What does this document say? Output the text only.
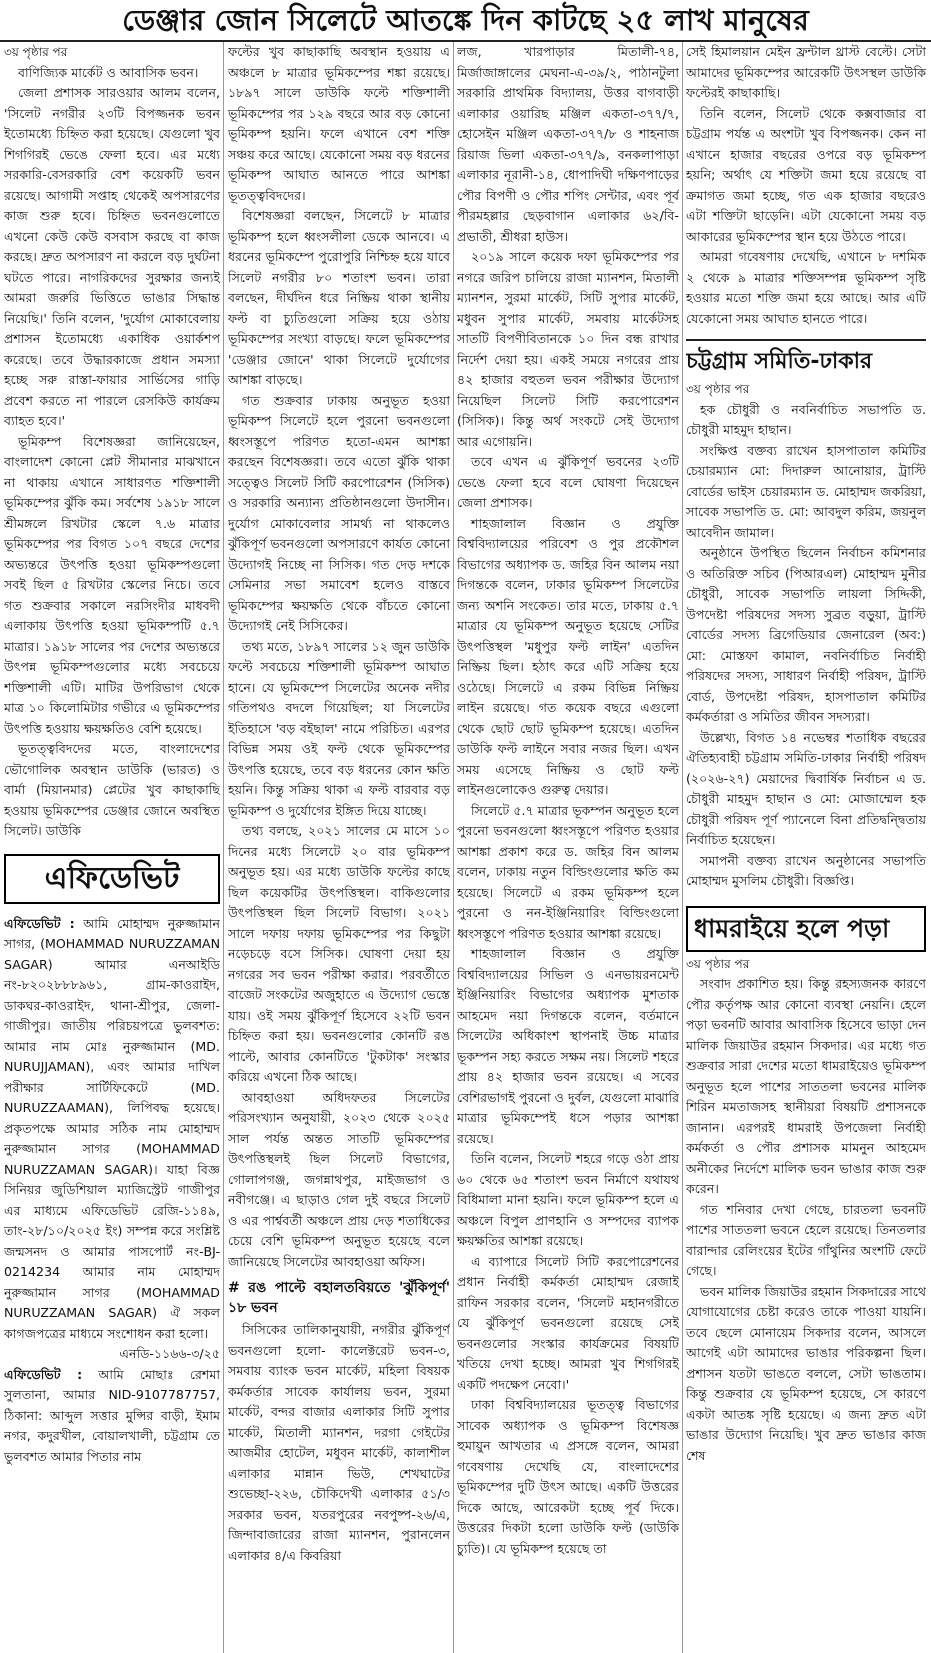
ডেঞ্জার জোন সিলেটে আতঙ্কে দিন কাটছে ২৫ লাখ মানুষের

৩য় পৃষ্ঠার পর

বাণিজ্যিক মার্কেট ও আবাসিক ভবন।

জেলা প্রশাসক সারওয়ার আলম বলেন, 'সিলেট নগরীর ২৩টি বিপজ্জনক ভবন ইতোমধ্যে চিহ্নিত করা হয়েছে। যেগুলো খুব শিগগিরই ভেঙে ফেলা হবে। এর মধ্যে সরকারি-বেসরকারি বেশ কয়েকটি ভবন রয়েছে। আগামী সপ্তাহ থেকেই অপসারণের কাজ শুরু হবে। চিহ্নিত ভবনগুলোতে এখনো কেউ কেউ বসবাস করছে বা কাজ করছে। দ্রুত অপসারণ না করলে বড় দুর্ঘটনা ঘটতে পারে। নাগরিকদের সুরক্ষার জন্যই আমরা জরুরি ভিত্তিতে ভাঙার সিদ্ধান্ত নিয়েছি।' তিনি বলেন, 'দুর্যোগ মোকাবেলায় প্রশাসন ইতোমধ্যে একাধিক ওয়ার্কশপ করেছে। তবে উদ্ধারকাজে প্রধান সমস্যা হচ্ছে সরু রাস্তা-ফায়ার সার্ভিসের গাড়ি প্রবেশ করতে না পারলে রেসকিউ কার্যক্রম ব্যাহত হবে।'

ভূমিকম্প বিশেষজ্ঞরা জানিয়েছেন, বাংলাদেশ কোনো প্লেট সীমানার মাঝখানে না থাকায় এখানে সাধারণত শক্তিশালী ভূমিকম্পের ঝুঁকি কম। সর্বশেষ ১৯১৮ সালে শ্রীমঙ্গলে রিখটার স্কেলে ৭.৬ মাত্রার ভূমিকম্পের পর বিগত ১০৭ বছরে দেশের অভ্যন্তরে উৎপত্তি হওয়া ভূমিকম্পগুলো সবই ছিল ৫ রিখটার স্কেলের নিচে। তবে গত শুক্রবার সকালে নরসিংদীর মাধবদী এলাকায় উৎপত্তি হওয়া ভূমিকম্পটি ৫.৭ মাত্রার। ১৯১৮ সালের পর দেশের অভ্যন্তরে উৎপন্ন ভূমিকম্পগুলোর মধ্যে সবচেয়ে শক্তিশালী এটি। মাটির উপরিভাগ থেকে মাত্র ১০ কিলোমিটার গভীরে এ ভূমিকম্পের উৎপত্তি হওয়ায় ক্ষয়ক্ষতিও বেশি হয়েছে।

ভূতত্ত্ববিদদের মতে, বাংলাদেশের ভৌগোলিক অবস্থান ডাউকি (ভারত) ও বার্মা (মিয়ানমার) প্লেটের খুব কাছাকাছি হওয়ায় ভূমিকম্পের ডেঞ্জার জোনে অবস্থিত সিলেট। ডাউকি

এফিডেভিট

এফিডেভিট : আমি মোহাম্মদ নুরুজ্জামান সাগর, (MOHAMMAD NURUZZAMAN SAGAR) আমার এনআইডি নং-৮২০২৮৮৮৯৬১, গ্রাম-কাওরাইদ, ডাকঘর-কাওরাইদ, থানা-শ্রীপুর, জেলা-গাজীপুর। জাতীয় পরিচয়পত্রে ভুলবশত: আমার নাম মোঃ নুরুজ্জামান (MD. NURUJJAMAN), এবং আমার দাখিল পরীক্ষার সার্টিফিকেটে (MD. NURUZZAAMAN), লিপিবদ্ধ হয়েছে। প্রকৃতপক্ষে আমার সঠিক নাম মোহাম্মদ নুরুজ্জামান সাগর (MOHAMMAD NURUZZAMAN SAGAR)। যাহা বিজ্ঞ সিনিয়র জুডিশিয়াল ম্যাজিস্ট্রেট গাজীপুর এর মাধ্যমে এফিডেভিট রেজি-১১৪৯, তাং-২৮/১০/২০২৫ ইং) সম্পন্ন করে সংশ্লিষ্ট জন্মসনদ ও আমার পাসপোর্ট নং-BJ-0214234 আমার নাম মোহাম্মদ নুরুজ্জামান সাগর (MOHAMMAD NURUZZAMAN SAGAR) ঐ সকল কাগজপত্রের মাধ্যমে সংশোধন করা হলো।

এনডি-১১৬৬-৩/২৫

এফিডেভিট : আমি মোছাঃ রেশমা সুলতানা, আমার NID-9107787757, ঠিকানা: আব্দুল সত্তার মুন্সির বাড়ী, ইমাম নগর, কদুরখীল, বোয়ালখালী, চট্টগ্রাম তে ভুলবশত আমার পিতার নাম

ফল্টের খুব কাছাকাছি অবস্থান হওয়ায় এ অঞ্চলে ৮ মাত্রার ভূমিকম্পের শঙ্কা রয়েছে। ১৮৯৭ সালে ডাউকি ফল্টে শক্তিশালী ভূমিকম্পের পর ১২৯ বছরে আর বড় কোনো ভূমিকম্প হয়নি। ফলে এখানে বেশ শক্তি সঞ্চয় করে আছে। যেকোনো সময় বড় ধরনের ভূমিকম্প আঘাত আনতে পারে আশঙ্কা ভূতত্ত্ববিদদের।

বিশেষজ্ঞরা বলছেন, সিলেটে ৮ মাত্রার ভূমিকম্প হলে ধ্বংসলীলা ডেকে আনবে। এ ধরনের ভূমিকম্পে পুরোপুরি নিশ্চিহ্ন হয়ে যাবে সিলেট নগরীর ৮০ শতাংশ ভবন। তারা বলছেন, দীর্ঘদিন ধরে নিষ্ক্রিয় থাকা স্থানীয় ফল্ট বা চ্যুতিগুলো সক্রিয় হয়ে ওঠায় ভূমিকম্পের সংখ্যা বাড়ছে। ফলে ভূমিকম্পের 'ডেঞ্জার জোনে' থাকা সিলেটে দুর্যোগের আশঙ্কা বাড়ছে।

গত শুক্রবার ঢাকায় অনুভূত হওয়া ভূমিকম্প সিলেটে হলে পুরনো ভবনগুলো ধ্বংসস্তূপে পরিণত হতো-এমন আশঙ্কা করছেন বিশেষজ্ঞরা। তবে এতো ঝুঁকি থাকা সত্ত্বেও সিলেট সিটি করপোরেশন (সিসিক) ও সরকারি অন্যান্য প্রতিষ্ঠানগুলো উদাসীন। দুর্যোগ মোকাবেলার সামর্থ্য না থাকলেও ঝুঁকিপূর্ণ ভবনগুলো অপসারণে কার্যত কোনো উদ্যোগই নিচ্ছে না সিসিক। গত দেড় দশকে সেমিনার সভা সমাবেশ হলেও বাস্তবে ভূমিকম্পের ক্ষয়ক্ষতি থেকে বাঁচতে কোনো উদ্যোগই নেই সিসিকের।

তথ্য মতে, ১৮৯৭ সালের ১২ জুন ডাউকি ফল্টে সবচেয়ে শক্তিশালী ভূমিকম্প আঘাত হানে। যে ভূমিকম্পে সিলেটের অনেক নদীর গতিপথও বদলে গিয়েছিল; যা সিলেটের ইতিহাসে 'বড় বইছাল' নামে পরিচিত। এরপর বিভিন্ন সময় ওই ফল্ট থেকে ভূমিকম্পের উৎপত্তি হয়েছে, তবে বড় ধরনের কোন ক্ষতি হয়নি। কিন্তু সক্রিয় থাকা এ ফল্ট বারবার বড় ভূমিকম্প ও দুর্যোগের ইঙ্গিত দিয়ে যাচ্ছে।

তথ্য বলছে, ২০২১ সালের মে মাসে ১০ দিনের মধ্যে সিলেটে ২০ বার ভূমিকম্প অনুভূত হয়। এর মধ্যে ডাউকি ফল্টের কাছে ছিল কয়েকটির উৎপত্তিস্থল। বাকিগুলোর উৎপত্তিস্থল ছিল সিলেট বিভাগ। ২০২১ সালে দফায় দফায় ভূমিকম্পের পর কিছুটা নড়েচড়ে বসে সিসিক। ঘোষণা দেয়া হয় নগরের সব ভবন পরীক্ষা করার। পরবর্তীতে বাজেট সংকটের অজুহাতে এ উদ্যোগ ভেস্তে যায়। ওই সময় ঝুঁকিপূর্ণ হিসেবে ২২টি ভবন চিহ্নিত করা হয়। ভবনগুলোর কোনটি রঙ পাল্টে, আবার কোনটিতে 'টুকটাক' সংস্কার করিয়ে এখনো ঠিক আছে।

আবহাওয়া অধিদফতর সিলেটের পরিসংখ্যান অনুযায়ী, ২০২৩ থেকে ২০২৫ সাল পর্যন্ত অন্তত সাতটি ভূমিকম্পের উৎপত্তিস্থলই ছিল সিলেট বিভাগের, গোলাপগঞ্জ, জগন্নাথপুর, মাইজভাগ ও নবীগঞ্জে। এ ছাড়াও গেল দুই বছরে সিলেট ও এর পার্শ্ববর্তী অঞ্চলে প্রায় দেড় শতাধিকের চেয়ে বেশি ভূমিকম্প অনুভূত হয়েছে বলে জানিয়েছে সিলেটের আবহাওয়া অফিস।

# রঙ পাল্টে বহালতবিয়তে 'ঝুঁকিপূর্ণ' ১৮ ভবন

সিসিকের তালিকানুযায়ী, নগরীর ঝুঁকিপূর্ণ ভবনগুলো হলো- কালেক্টরেট ভবন-৩, সমবায় ব্যাংক ভবন মার্কেট, মহিলা বিষয়ক কর্মকর্তার সাবেক কার্যালয় ভবন, সুরমা মার্কেট, বন্দর বাজার এলাকার সিটি সুপার মার্কেট, মিতালী ম্যানশন, দরগা গেইটের আজমীর হোটেল, মধুবন মার্কেট, কালাশীল এলাকার মান্নান ভিউ, শেখঘাটের শুভেচ্ছা-২২৬, চৌকিদেখী এলাকার ৫১/৩ সরকার ভবন, যতরপুরের নবপুষ্প-২৬/এ, জিন্দাবাজারের রাজা ম্যানশন, পুরানলেন এলাকার ৪/এ কিবরিয়া

লজ, খারপাড়ার মিতালী-৭৪, মির্জাজাঙ্গালের মেঘনা-এ-৩৯/২, পাঠানটুলা সরকারি প্রাথমিক বিদ্যালয়, উত্তর বাগবাড়ী এলাকার ওয়ারিছ মঞ্জিল একতা-৩৭৭/৭, হোসেইন মঞ্জিল একতা-৩৭৭/৮ ও শাহনাজ রিয়াজ ভিলা একতা-৩৭৭/৯, বনকলাপাড়া এলাকার নূরানী-১৪, ধোপাদিঘী দক্ষিণপাড়ের পৌর বিপণী ও পৌর শপিং সেন্টার, এবং পূর্ব পীরমহল্লার ছেড়বাগান এলাকার ৬২/বি-প্রভাতী, শ্রীধরা হাউস।

২০১৯ সালে কয়েক দফা ভূমিকম্পের পর নগরে জরিপ চালিয়ে রাজা ম্যানশন, মিতালী ম্যানশন, সুরমা মার্কেট, সিটি সুপার মার্কেট, মধুবন সুপার মার্কেট, সমবায় মার্কেটসহ সাতটি বিপণীবিতানকে ১০ দিন বন্ধ রাখার নির্দেশ দেয়া হয়। একই সময়ে নগরের প্রায় ৪২ হাজার বহুতল ভবন পরীক্ষার উদ্যোগ নিয়েছিল সিলেট সিটি করপোরেশন (সিসিক)। কিন্তু অর্থ সংকটে সেই উদ্যোগ আর এগোয়নি।

তবে এখন এ ঝুঁকিপূর্ণ ভবনের ২৩টি ভেঙে ফেলা হবে বলে ঘোষণা দিয়েছেন জেলা প্রশাসক।

শাহজালাল বিজ্ঞান ও প্রযুক্তি বিশ্ববিদ্যালয়ের পরিবেশ ও পুর প্রকৌশল বিভাগের অধ্যাপক ড. জহির বিন আলম নয়া দিগন্তকে বলেন, ঢাকার ভূমিকম্প সিলেটের জন্য অশনি সংকেত। তার মতে, ঢাকায় ৫.৭ মাত্রার যে ভূমিকম্প অনুভূত হয়েছে সেটির উৎপত্তিস্থল 'মধুপুর ফল্ট লাইন' এতদিন নিষ্ক্রিয় ছিল। হঠাৎ করে এটি সক্রিয় হয়ে ওঠেছে। সিলেটে এ রকম বিভিন্ন নিষ্ক্রিয় লাইন রয়েছে। গত কয়েক বছরে এগুলো থেকে ছোট ছোট ভূমিকম্প হয়েছে। এতদিন ডাউকি ফল্ট লাইনে সবার নজর ছিল। এখন সময় এসেছে নিষ্ক্রিয় ও ছোট ফল্ট লাইনগুলোকেও গুরুত্ব দেয়ার।

সিলেটে ৫.৭ মাত্রার ভূকম্পন অনুভূত হলে পুরনো ভবনগুলো ধ্বংসস্তূপে পরিণত হওয়ার আশঙ্কা প্রকাশ করে ড. জহির বিন আলম বলেন, ঢাকায় নতুন বিল্ডিংগুলোর ক্ষতি কম হয়েছে। সিলেটে এ রকম ভূমিকম্প হলে পুরনো ও নন-ইঞ্জিনিয়ারিং বিল্ডিংগুলো ধ্বংসস্তূপে পরিণত হওয়ার আশঙ্কা রয়েছে।

শাহজালাল বিজ্ঞান ও প্রযুক্তি বিশ্ববিদ্যালয়ের সিভিল ও এনভায়রনমেন্ট ইঞ্জিনিয়ারিং বিভাগের অধ্যাপক মুশতাক আহমেদ নয়া দিগন্তকে বলেন, বর্তমানে সিলেটের অধিকাংশ স্থাপনাই উচ্চ মাত্রার ভূকম্পন সহ্য করতে সক্ষম নয়। সিলেট শহরে প্রায় ৪২ হাজার ভবন রয়েছে। এ সবের বেশিরভাগই পুরনো ও দুর্বল, যেগুলো মাঝারি মাত্রার ভূমিকম্পেই ধসে পড়ার আশঙ্কা রয়েছে।

তিনি বলেন, সিলেট শহরে গড়ে ওঠা প্রায় ৬০ থেকে ৬৫ শতাংশ ভবন নির্মাণে যথাযথ বিধিমালা মানা হয়নি। ফলে ভূমিকম্প হলে এ অঞ্চলে বিপুল প্রাণহানি ও সম্পদের ব্যাপক ক্ষয়ক্ষতির আশঙ্কা রয়েছে।

এ ব্যাপারে সিলেট সিটি করপোরেশনের প্রধান নির্বাহী কর্মকর্তা মোহাম্মদ রেজাই রাফিন সরকার বলেন, 'সিলেট মহানগরীতে যে ঝুঁকিপূর্ণ ভবনগুলো রয়েছে সেই ভবনগুলোর সংস্কার কার্যক্রমের বিষয়টি খতিয়ে দেখা হচ্ছে। আমরা খুব শিগগিরই একটি পদক্ষেপ নেবো।'

ঢাকা বিশ্ববিদ্যালয়ের ভূতত্ত্ব বিভাগের সাবেক অধ্যাপক ও ভূমিকম্প বিশেষজ্ঞ হুমায়ুন আখতার এ প্রসঙ্গে বলেন, আমরা গবেষণায় দেখেছি যে, বাংলাদেশের ভূমিকম্পের দুটি উৎস আছে। একটি উত্তরের দিকে আছে, আরেকটা হচ্ছে পূর্ব দিকে। উত্তরের দিকটা হলো ডাউকি ফল্ট (ডাউকি চ্যুতি)। যে ভূমিকম্প হয়েছে তা

সেই হিমালয়ান মেইন ফ্রন্টাল থ্রাস্ট বেল্টে। সেটা আমাদের ভূমিকম্পের আরেকটি উৎসস্থল ডাউকি ফল্টেরই কাছাকাছি।

তিনি বলেন, সিলেট থেকে কক্সবাজার বা চট্টগ্রাম পর্যন্ত এ অংশটা খুব বিপজ্জনক। কেন না এখানে হাজার বছরের ওপরে বড় ভূমিকম্প হয়নি; অর্থাৎ যে শক্তিটা জমা হয়ে রয়েছে বা ক্রমাগত জমা হচ্ছে, গত এক হাজার বছরেও এটা শক্তিটা ছাড়েনি। এটা যেকোনো সময় বড় আকারের ভূমিকম্পের স্থান হয়ে উঠতে পারে।

আমরা গবেষণায় দেখেছি, এখানে ৮ দশমিক ২ থেকে ৯ মাত্রার শক্তিসম্পন্ন ভূমিকম্প সৃষ্টি হওয়ার মতো শক্তি জমা হয়ে আছে। আর এটি যেকোনো সময় আঘাত হানতে পারে।

চট্টগ্রাম সমিতি-ঢাকার

৩য় পৃষ্ঠার পর

হক চৌধুরী ও নবনির্বাচিত সভাপতি ড. চৌধুরী মাহমুদ হাছান।

সংক্ষিপ্ত বক্তব্য রাখেন হাসপাতাল কমিটির চেয়ারম্যান মো: দিদারুল আনোয়ার, ট্রাস্টি বোর্ডের ভাইস চেয়ারম্যান ড. মোহাম্মদ জকরিয়া, সাবেক সভাপতি ড. মো: আবদুল করিম, জয়নুল আবেদীন জামাল।

অনুষ্ঠানে উপস্থিত ছিলেন নির্বাচন কমিশনার ও অতিরিক্ত সচিব (পিআরএল) মোহাম্মদ মুনীর চৌধুরী, সাবেক সভাপতি লায়লা সিদ্দিকী, উপদেষ্টা পরিষদের সদস্য সুব্রত বড়ুয়া, ট্রাস্টি বোর্ডের সদস্য ব্রিগেডিয়ার জেনারেল (অব:) মো: মোস্তফা কামাল, নবনির্বাচিত নির্বাহী পরিষদের সদস্য, সাধারণ নির্বাহী পরিষদ, ট্রাস্টি বোর্ড, উপদেষ্টা পরিষদ, হাসপাতাল কমিটির কর্মকর্তারা ও সমিতির জীবন সদস্যরা।

উল্লেখ্য, বিগত ১৪ নভেম্বর শতাধিক বছরের ঐতিহ্যবাহী চট্টগ্রাম সমিতি-ঢাকার নির্বাহী পরিষদ (২০২৬-২৭) মেয়াদের দ্বিবার্ষিক নির্বাচন এ ড. চৌধুরী মাহমুদ হাছান ও মো: মোজাম্মেল হক চৌধুরী পরিষদ পূর্ণ প্যানেলে বিনা প্রতিদ্বন্দ্বিতায় নির্বাচিত হয়েছেন।

সমাপনী বক্তব্য রাখেন অনুষ্ঠানের সভাপতি মোহাম্মদ মুসলিম চৌধুরী। বিজ্ঞপ্তি।

ধামরাইয়ে হলে পড়া

৩য় পৃষ্ঠার পর

সংবাদ প্রকাশিত হয়। কিন্তু রহস্যজনক কারণে পৌর কর্তৃপক্ষ আর কোনো ব্যবস্থা নেয়নি। হেলে পড়া ভবনটি আবার আবাসিক হিসেবে ভাড়া দেন মালিক জিয়াউর রহমান সিকদার। এর মধ্যে গত শুক্রবার সারা দেশের মতো ধামরাইয়েও ভূমিকম্প অনুভূত হলে পাশের সাততলা ভবনের মালিক শিরিন মমতাজসহ স্থানীয়রা বিষয়টি প্রশাসনকে জানান। এরপরই ধামরাই উপজেলা নির্বাহী কর্মকর্তা ও পৌর প্রশাসক মামনুন আহমেদ অনীকের নির্দেশে মালিক ভবন ভাঙার কাজ শুরু করেন।

গত শনিবার দেখা গেছে, চারতলা ভবনটি পাশের সাততলা ভবনে হেলে রয়েছে। তিনতলার বারান্দার রেলিংয়ের ইটের গাঁথুনির অংশটি ফেটে গেছে।

ভবন মালিক জিয়াউর রহমান সিকদারের সাথে যোগাযোগের চেষ্টা করেও তাকে পাওয়া যায়নি। তবে ছেলে মোনায়েম সিকদার বলেন, আসলে আগেই এটা আমাদের ভাঙার পরিকল্পনা ছিল। প্রশাসন যতটা ভাঙতে বললে, সেটা ভাঙতাম। কিন্তু শুক্রবার যে ভূমিকম্প হয়েছে, সে কারণে একটা আতঙ্ক সৃষ্টি হয়েছে। এ জন্য দ্রুত এটা ভাঙার উদ্যোগ নিয়েছি। খুব দ্রুত ভাঙার কাজ শেষ
